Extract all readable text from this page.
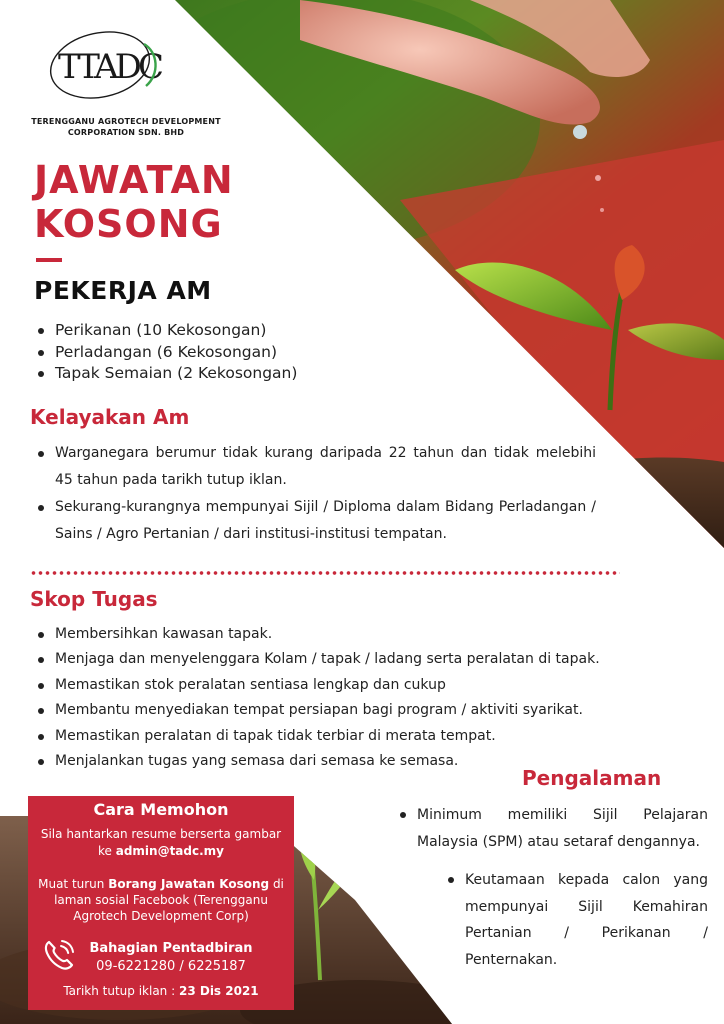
TTADC
TERENGGANU AGROTECH DEVELOPMENT CORPORATION SDN. BHD
JAWATAN
KOSONG
PEKERJA AM
Perikanan (10 Kekosongan)
Perladangan (6 Kekosongan)
Tapak Semaian (2 Kekosongan)
Kelayakan Am
Warganegara berumur tidak kurang daripada 22 tahun dan tidak melebihi 45 tahun pada tarikh tutup iklan.
Sekurang-kurangnya mempunyai Sijil / Diploma dalam Bidang Perladangan / Sains / Agro Pertanian / dari institusi-institusi tempatan.
Skop Tugas
Membersihkan kawasan tapak.
Menjaga dan menyelenggara Kolam / tapak / ladang serta peralatan di tapak.
Memastikan stok peralatan sentiasa lengkap dan cukup
Membantu menyediakan tempat persiapan bagi program / aktiviti syarikat.
Memastikan peralatan di tapak tidak terbiar di merata tempat.
Menjalankan tugas yang semasa dari semasa ke semasa.
Pengalaman
Minimum memiliki Sijil Pelajaran Malaysia (SPM) atau setaraf dengannya.
Keutamaan kepada calon yang mempunyai Sijil Kemahiran Pertanian / Perikanan / Penternakan.
Cara Memohon
Sila hantarkan resume berserta gambar ke admin@tadc.my
Muat turun Borang Jawatan Kosong di laman sosial Facebook (Terengganu Agrotech Development Corp)
Bahagian Pentadbiran
09-6221280 / 6225187
Tarikh tutup iklan : 23 Dis 2021
